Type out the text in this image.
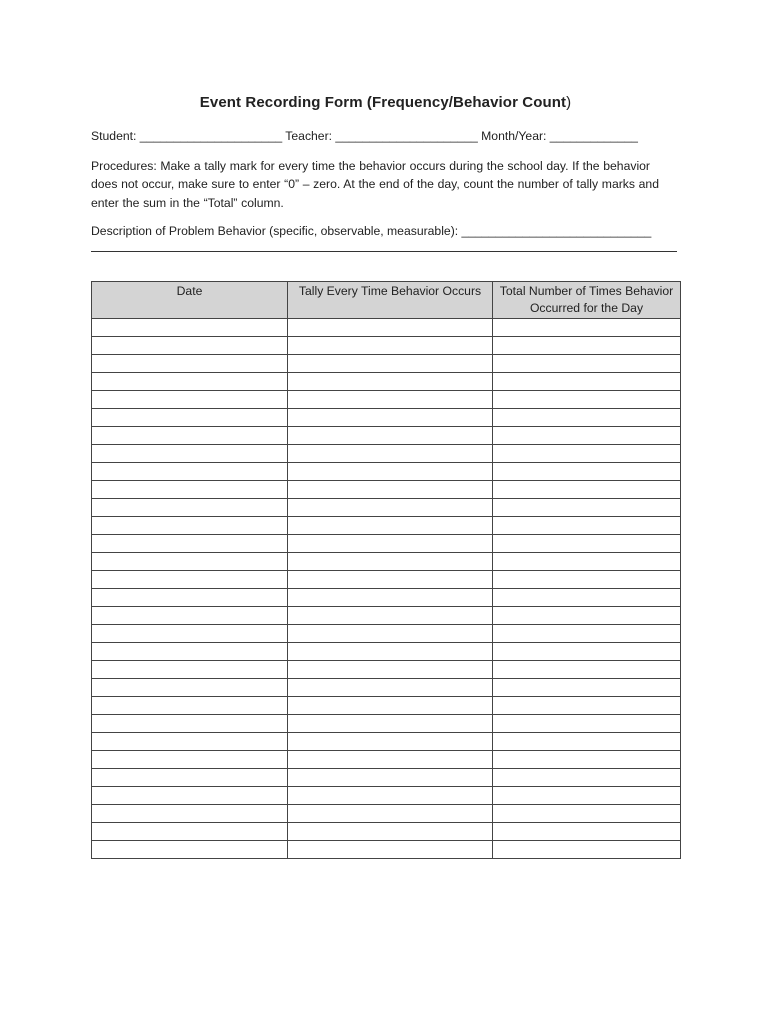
Event Recording Form (Frequency/Behavior Count)

Student: _____________________ Teacher: _____________________ Month/Year: _____________

Procedures: Make a tally mark for every time the behavior occurs during the school day. If the behavior does not occur, make sure to enter “0” – zero. At the end of the day, count the number of tally marks and enter the sum in the “Total” column.

Description of Problem Behavior (specific, observable, measurable): ____________________________

Date	Tally Every Time Behavior Occurs	Total Number of Times Behavior Occurred for the Day
